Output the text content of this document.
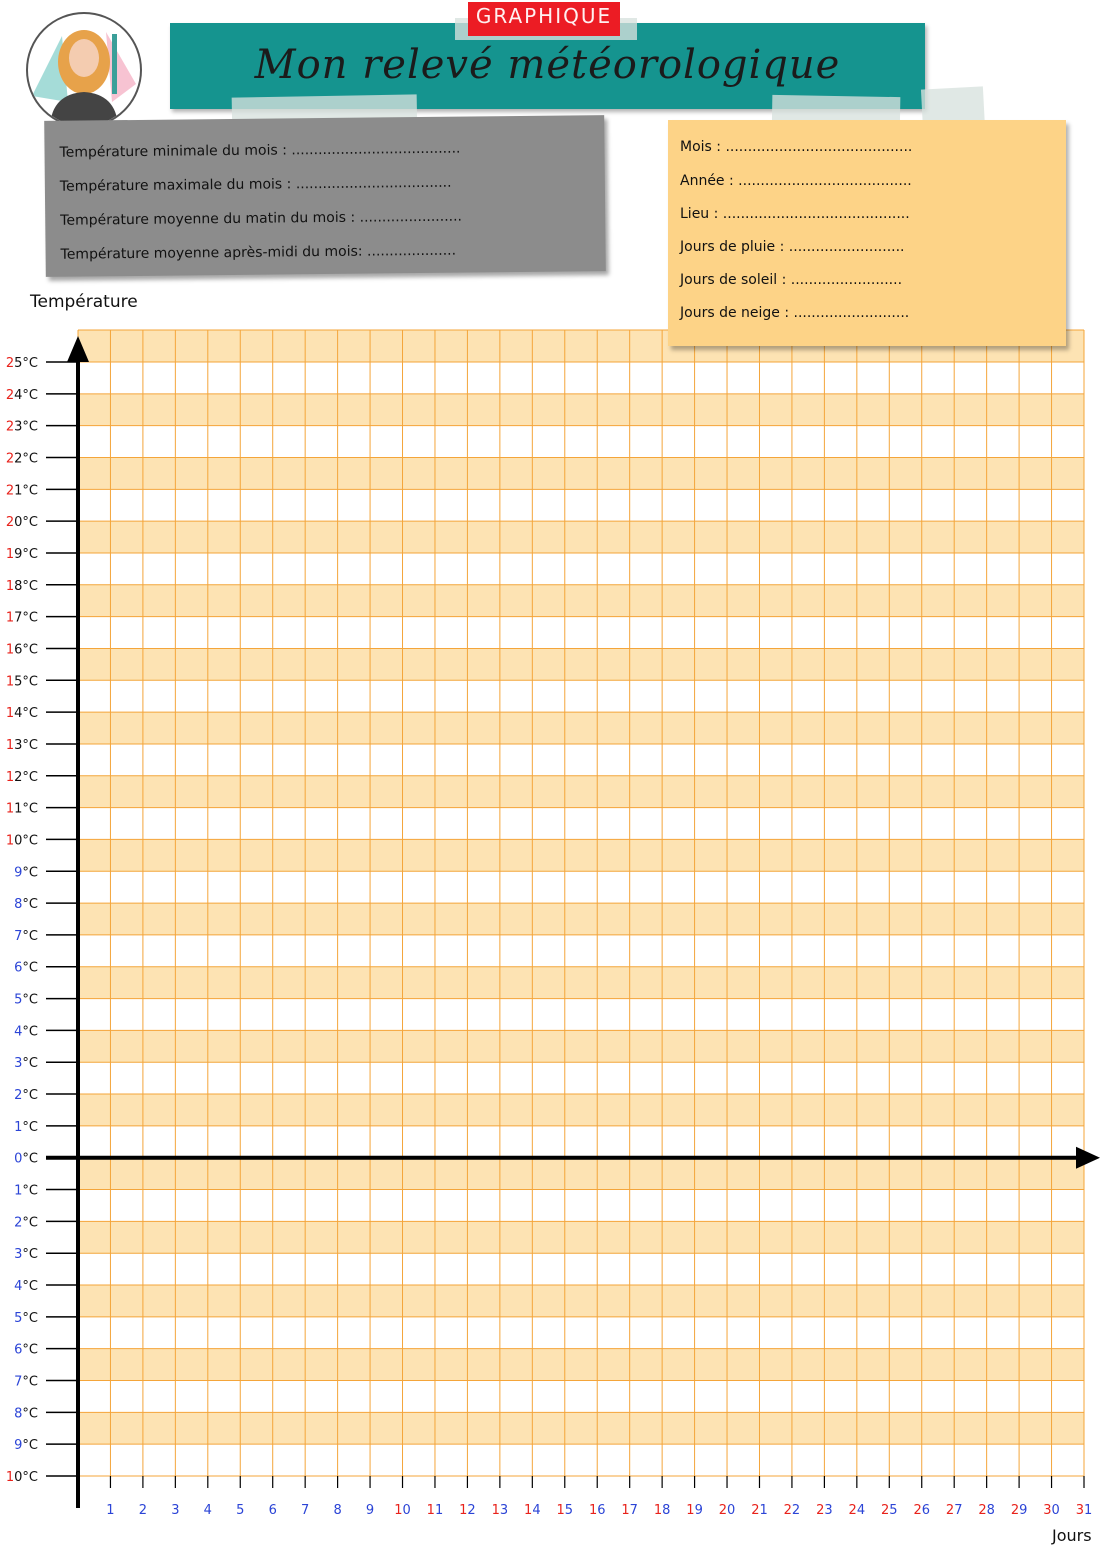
GRAPHIQUE
Mon relevé météorologique
Température minimale du mois : ......................................
Température maximale du mois : ...................................
Température moyenne du matin du mois : .......................
Température moyenne après-midi du mois: ....................
25°C
24°C
23°C
22°C
21°C
20°C
19°C
18°C
17°C
16°C
15°C
14°C
13°C
12°C
11°C
10°C
9°C
8°C
7°C
6°C
5°C
4°C
3°C
2°C
1°C
0°C
1°C
2°C
3°C
4°C
5°C
6°C
7°C
8°C
9°C
10°C
1 2 3 4 5 6 7 8 9 10 11 12 13 14 15 16 17 18 19 20 21 22 23 24 25 26 27 28 29 30 31
Mois : ..........................................
Année : .......................................
Lieu : ..........................................
Jours de pluie : ..........................
Jours de soleil : .........................
Jours de neige : ..........................
Température
Jours
